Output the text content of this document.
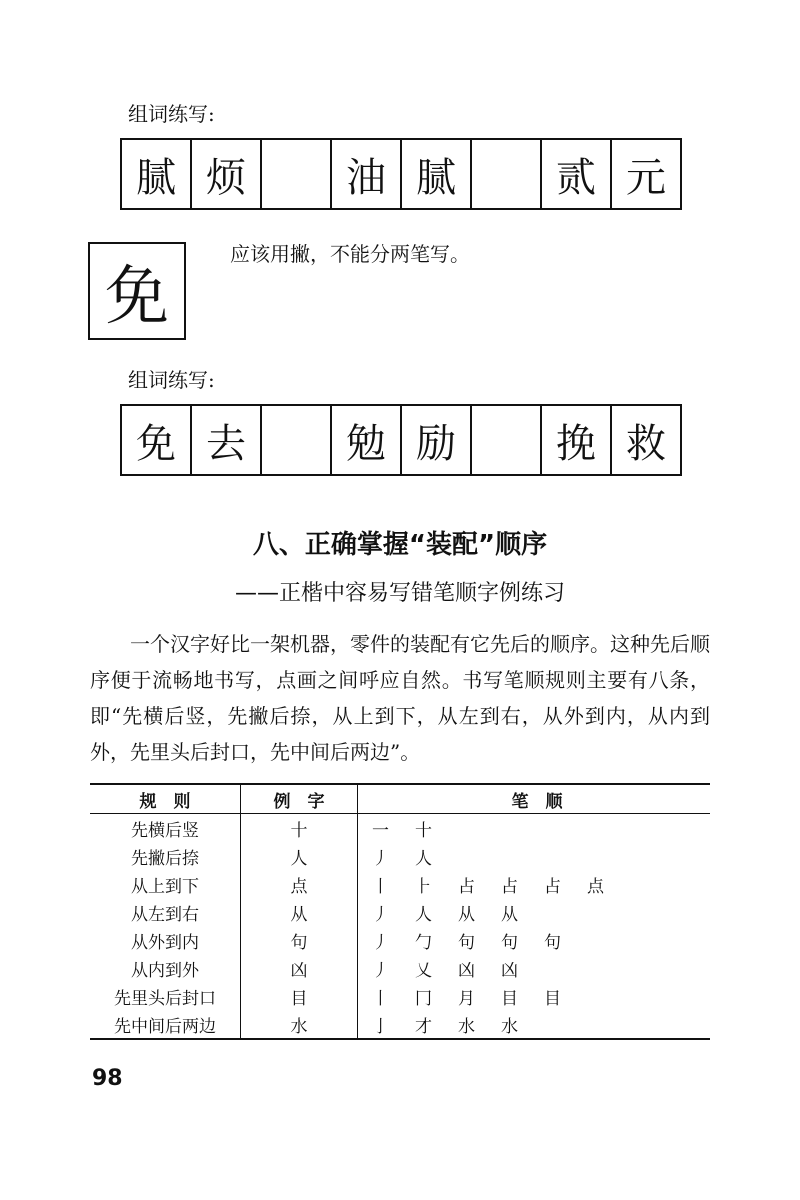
组词练写:
腻 烦	油 腻	贰 元
免
应该用撇，不能分两笔写。
组词练写:
免 去	勉 励	挽 救
八、正确掌握“装配”顺序
——正楷中容易写错笔顺字例练习
一个汉字好比一架机器，零件的装配有它先后的顺序。这种先后顺序便于流畅地书写，点画之间呼应自然。书写笔顺规则主要有八条，即“先横后竖，先撇后捺，从上到下，从左到右，从外到内，从内到外，先里头后封口，先中间后两边”。
规　则	例　字	笔　顺
先横后竖	十	一 十
先撇后捺	人	丿 人
从上到下	点	丨 ⺊ 占 占 占 点
从左到右	从	丿 人 从 从
从外到内	句	丿 勹 句 句 句
从内到外	凶	丿 乂 凶 凶
先里头后封口	目	丨 冂 月 目 目
先中间后两边	水	亅 才 水 水
98
